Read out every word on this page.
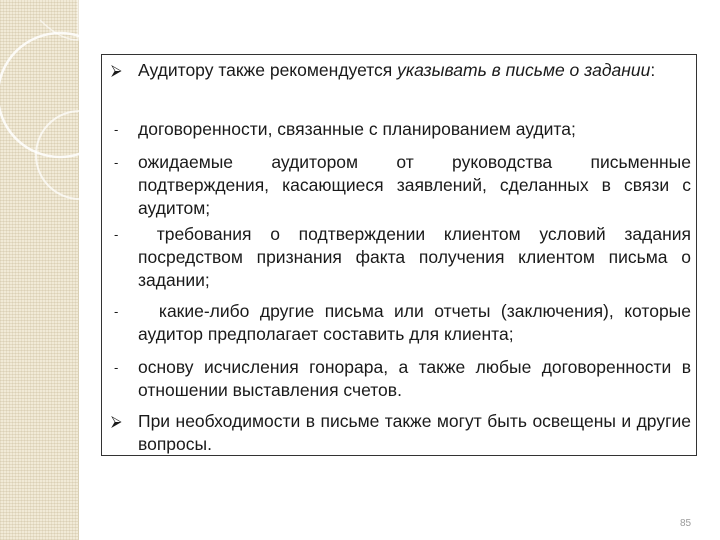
⮚ Аудитору также рекомендуется указывать в письме о задании:
-	договоренности, связанные с планированием аудита;
-	ожидаемые аудитором от руководства письменные подтверждения, касающиеся заявлений, сделанных в связи с аудитом;
-	требования о подтверждении клиентом условий задания посредством признания факта получения клиентом письма о задании;
-	какие-либо другие письма или отчеты (заключения), которые аудитор предполагает составить для клиента;
-	основу исчисления гонорара, а также любые договоренности в отношении выставления счетов.
⮚ При необходимости в письме также могут быть освещены и другие вопросы.
85
